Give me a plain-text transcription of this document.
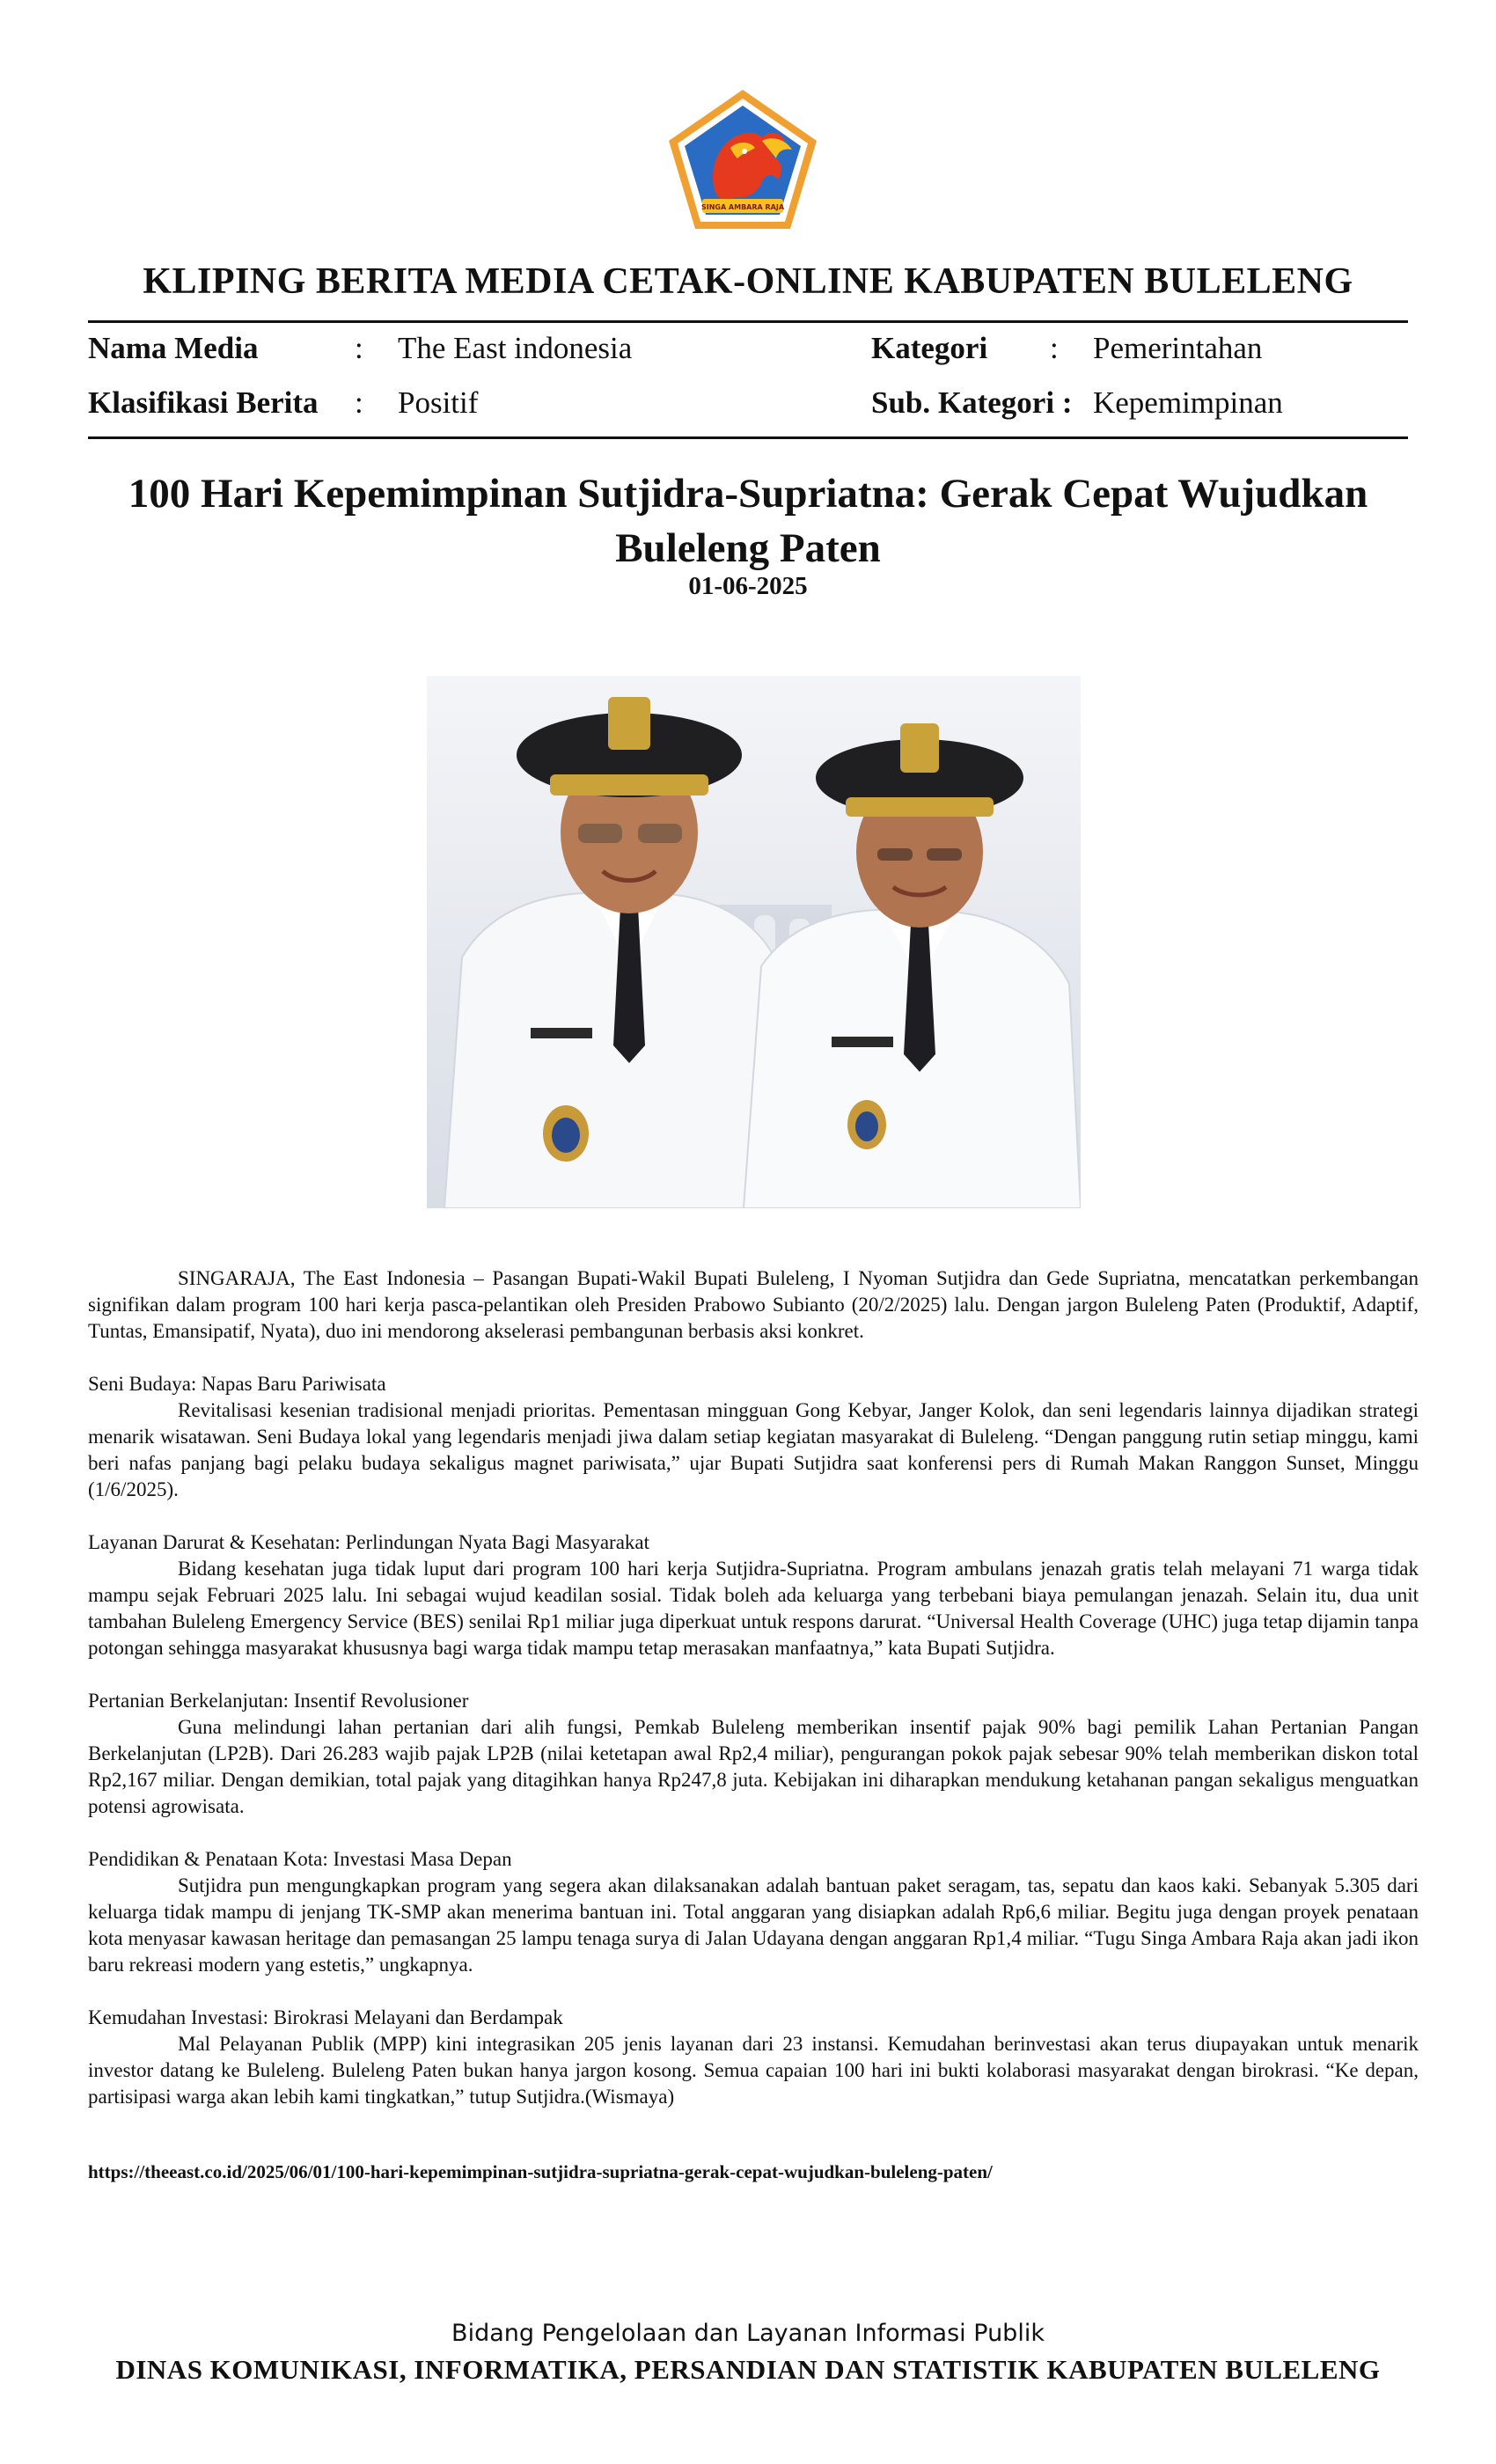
SINGA AMBARA RAJA
KLIPING BERITA MEDIA CETAK-ONLINE KABUPATEN BULELENG
Nama Media	: The East indonesia
Klasifikasi Berita : Positif
Kategori : Pemerintahan
Sub. Kategori : Kepemimpinan
100 Hari Kepemimpinan Sutjidra-Supriatna: Gerak Cepat Wujudkan Buleleng Paten
01-06-2025

SINGARAJA, The East Indonesia – Pasangan Bupati-Wakil Bupati Buleleng, I Nyoman Sutjidra dan Gede Supriatna, mencatatkan perkembangan signifikan dalam program 100 hari kerja pasca-pelantikan oleh Presiden Prabowo Subianto (20/2/2025) lalu. Dengan jargon Buleleng Paten (Produktif, Adaptif, Tuntas, Emansipatif, Nyata), duo ini mendorong akselerasi pembangunan berbasis aksi konkret.

Seni Budaya: Napas Baru Pariwisata

Revitalisasi kesenian tradisional menjadi prioritas. Pementasan mingguan Gong Kebyar, Janger Kolok, dan seni legendaris lainnya dijadikan strategi menarik wisatawan. Seni Budaya lokal yang legendaris menjadi jiwa dalam setiap kegiatan masyarakat di Buleleng. “Dengan panggung rutin setiap minggu, kami beri nafas panjang bagi pelaku budaya sekaligus magnet pariwisata,” ujar Bupati Sutjidra saat konferensi pers di Rumah Makan Ranggon Sunset, Minggu (1/6/2025).

Layanan Darurat & Kesehatan: Perlindungan Nyata Bagi Masyarakat

Bidang kesehatan juga tidak luput dari program 100 hari kerja Sutjidra-Supriatna. Program ambulans jenazah gratis telah melayani 71 warga tidak mampu sejak Februari 2025 lalu. Ini sebagai wujud keadilan sosial. Tidak boleh ada keluarga yang terbebani biaya pemulangan jenazah. Selain itu, dua unit tambahan Buleleng Emergency Service (BES) senilai Rp1 miliar juga diperkuat untuk respons darurat. “Universal Health Coverage (UHC) juga tetap dijamin tanpa potongan sehingga masyarakat khususnya bagi warga tidak mampu tetap merasakan manfaatnya,” kata Bupati Sutjidra.

Pertanian Berkelanjutan: Insentif Revolusioner

Guna melindungi lahan pertanian dari alih fungsi, Pemkab Buleleng memberikan insentif pajak 90% bagi pemilik Lahan Pertanian Pangan Berkelanjutan (LP2B). Dari 26.283 wajib pajak LP2B (nilai ketetapan awal Rp2,4 miliar), pengurangan pokok pajak sebesar 90% telah memberikan diskon total Rp2,167 miliar. Dengan demikian, total pajak yang ditagihkan hanya Rp247,8 juta. Kebijakan ini diharapkan mendukung ketahanan pangan sekaligus menguatkan potensi agrowisata.

Pendidikan & Penataan Kota: Investasi Masa Depan

Sutjidra pun mengungkapkan program yang segera akan dilaksanakan adalah bantuan paket seragam, tas, sepatu dan kaos kaki. Sebanyak 5.305 dari keluarga tidak mampu di jenjang TK-SMP akan menerima bantuan ini. Total anggaran yang disiapkan adalah Rp6,6 miliar. Begitu juga dengan proyek penataan kota menyasar kawasan heritage dan pemasangan 25 lampu tenaga surya di Jalan Udayana dengan anggaran Rp1,4 miliar. “Tugu Singa Ambara Raja akan jadi ikon baru rekreasi modern yang estetis,” ungkapnya.

Kemudahan Investasi: Birokrasi Melayani dan Berdampak

Mal Pelayanan Publik (MPP) kini integrasikan 205 jenis layanan dari 23 instansi. Kemudahan berinvestasi akan terus diupayakan untuk menarik investor datang ke Buleleng. Buleleng Paten bukan hanya jargon kosong. Semua capaian 100 hari ini bukti kolaborasi masyarakat dengan birokrasi. “Ke depan, partisipasi warga akan lebih kami tingkatkan,” tutup Sutjidra.(Wismaya)

https://theeast.co.id/2025/06/01/100-hari-kepemimpinan-sutjidra-supriatna-gerak-cepat-wujudkan-buleleng-paten/
Bidang Pengelolaan dan Layanan Informasi Publik
DINAS KOMUNIKASI, INFORMATIKA, PERSANDIAN DAN STATISTIK KABUPATEN BULELENG
